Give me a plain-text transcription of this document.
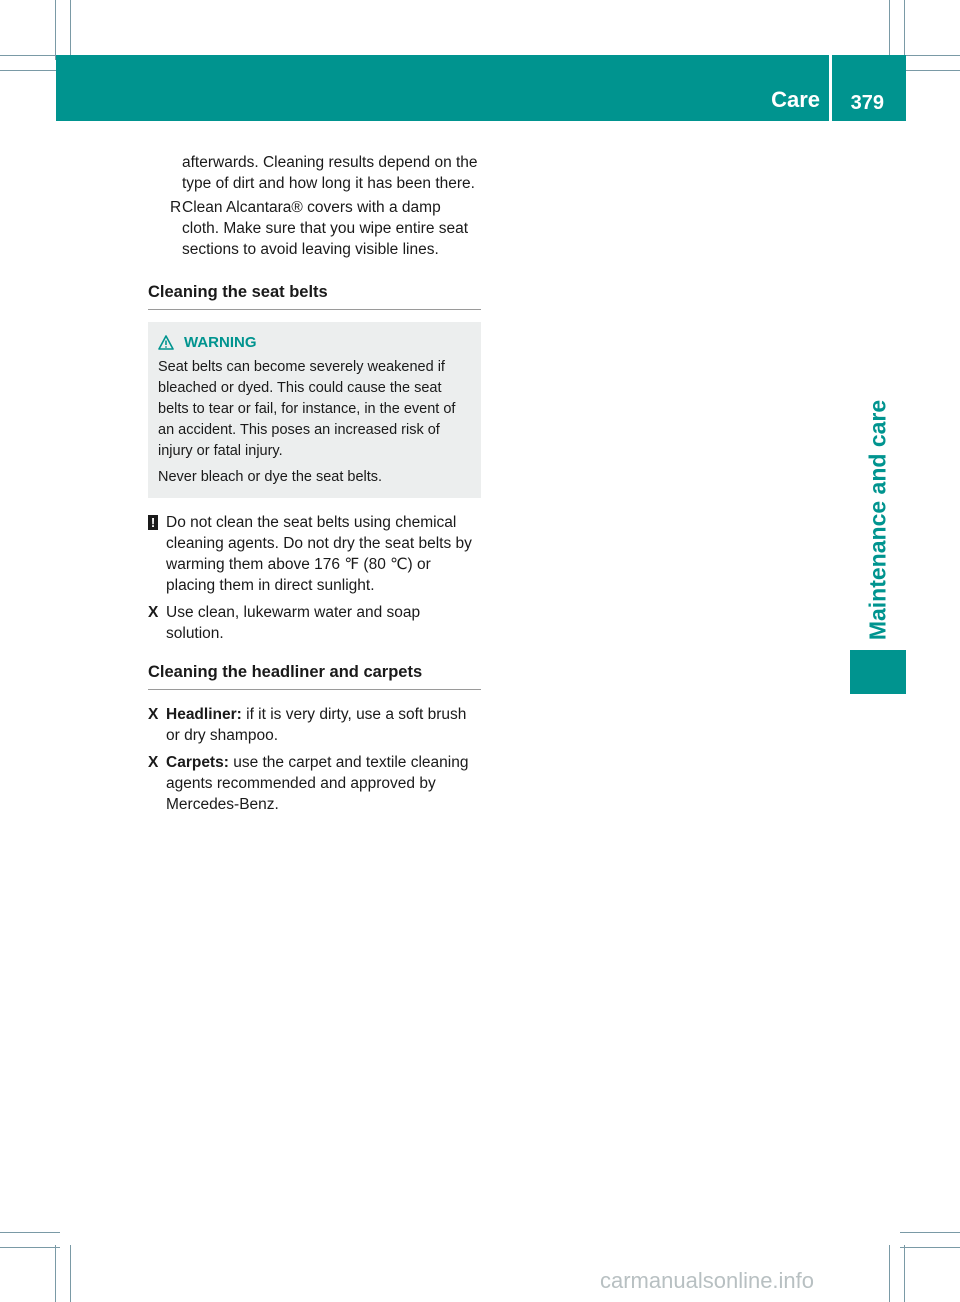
Care 379
Maintenance and care

afterwards. Cleaning results depend on the type of dirt and how long it has been there.

R Clean Alcantara® covers with a damp cloth. Make sure that you wipe entire seat sections to avoid leaving visible lines.

Cleaning the seat belts

WARNING

Seat belts can become severely weakened if bleached or dyed. This could cause the seat belts to tear or fail, for instance, in the event of an accident. This poses an increased risk of injury or fatal injury.

Never bleach or dye the seat belts.

! Do not clean the seat belts using chemical cleaning agents. Do not dry the seat belts by warming them above 176 ℉ (80 ℃) or placing them in direct sunlight.

X Use clean, lukewarm water and soap solution.

Cleaning the headliner and carpets

X Headliner: if it is very dirty, use a soft brush or dry shampoo.

X Carpets: use the carpet and textile cleaning agents recommended and approved by Mercedes-Benz.

carmanualsonline.info
